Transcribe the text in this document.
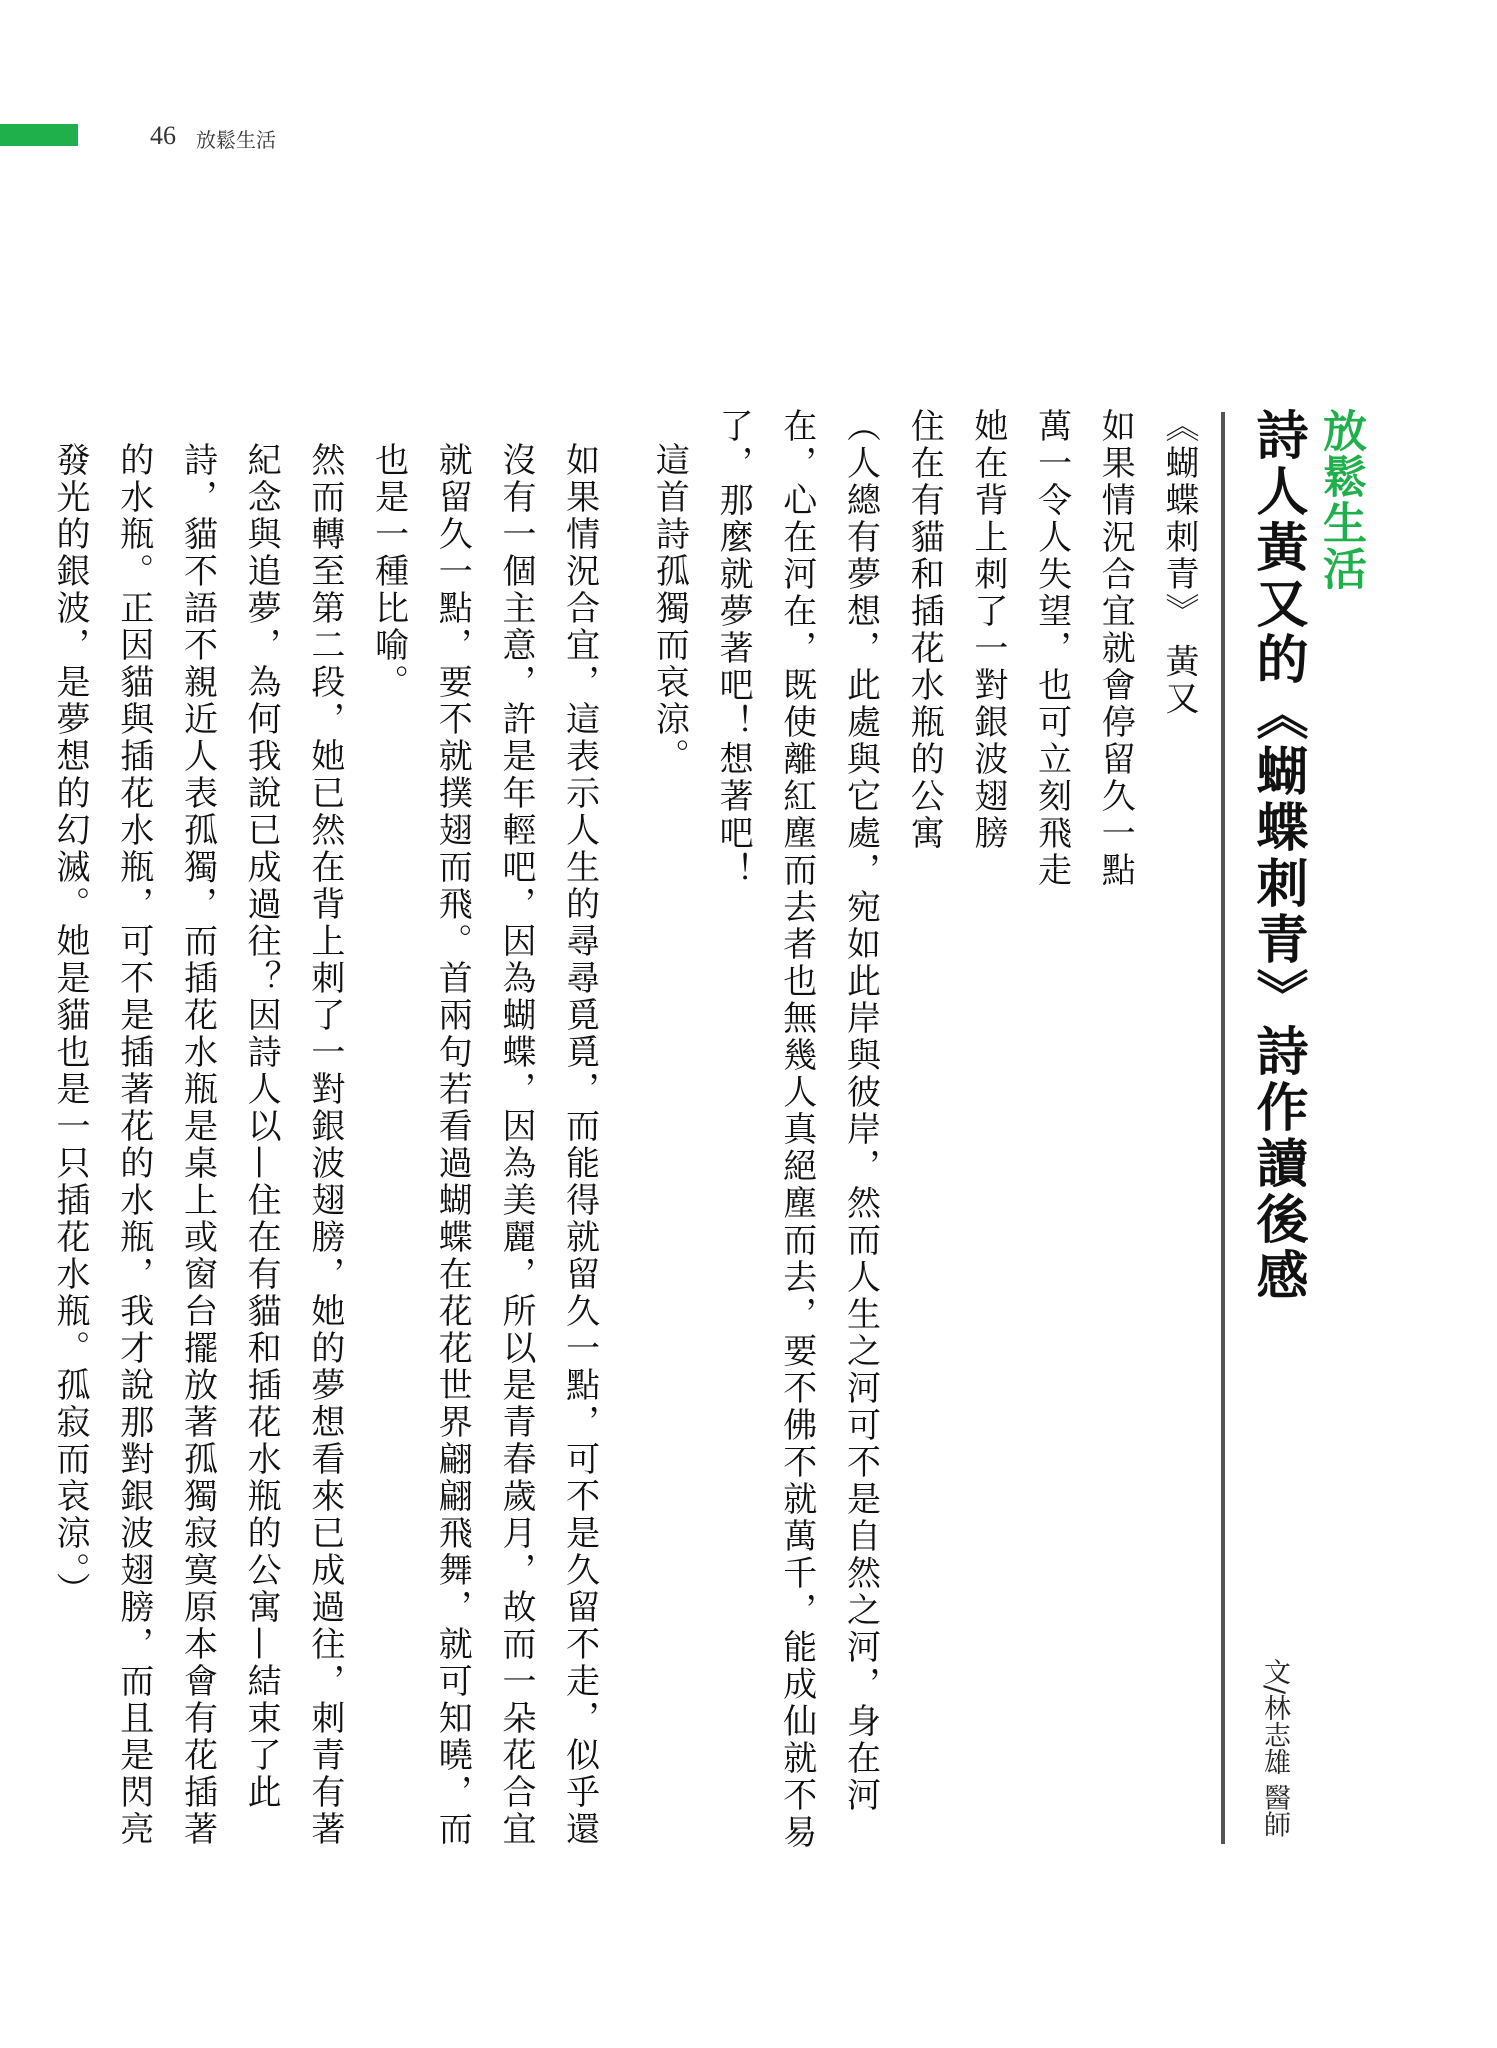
46 放鬆生活
放鬆生活
詩人黃又的《蝴蝶刺青》詩作讀後感
文/林志雄 醫師

《蝴蝶刺青》 黃又

如果情況合宜就會停留久一點

萬一令人失望，也可立刻飛走

她在背上刺了一對銀波翅膀

住在有貓和插花水瓶的公寓

（人總有夢想，此處與它處，宛如此岸與彼岸，然而人生之河可不是自然之河，身在河在，心在河在，既使離紅塵而去者也無幾人真絕塵而去，要不佛不就萬千，能成仙就不易了，那麼就夢著吧！想著吧！

這首詩孤獨而哀涼。

如果情況合宜，這表示人生的尋尋覓覓，而能得就留久一點，可不是久留不走，似乎還沒有一個主意，許是年輕吧，因為蝴蝶，因為美麗，所以是青春歲月，故而一朵花合宜就留久一點，要不就撲翅而飛。首兩句若看過蝴蝶在花花世界翩翩飛舞，就可知曉，而也是一種比喻。

然而轉至第二段，她已然在背上刺了一對銀波翅膀，她的夢想看來已成過往，刺青有著紀念與追夢，為何我說已成過往？因詩人以—住在有貓和插花水瓶的公寓—結束了此詩，貓不語不親近人表孤獨，而插花水瓶是桌上或窗台擺放著孤獨寂寞原本會有花插著的水瓶。正因貓與插花水瓶，可不是插著花的水瓶，我才說那對銀波翅膀，而且是閃亮發光的銀波，是夢想的幻滅。她是貓也是一只插花水瓶。孤寂而哀涼。）
